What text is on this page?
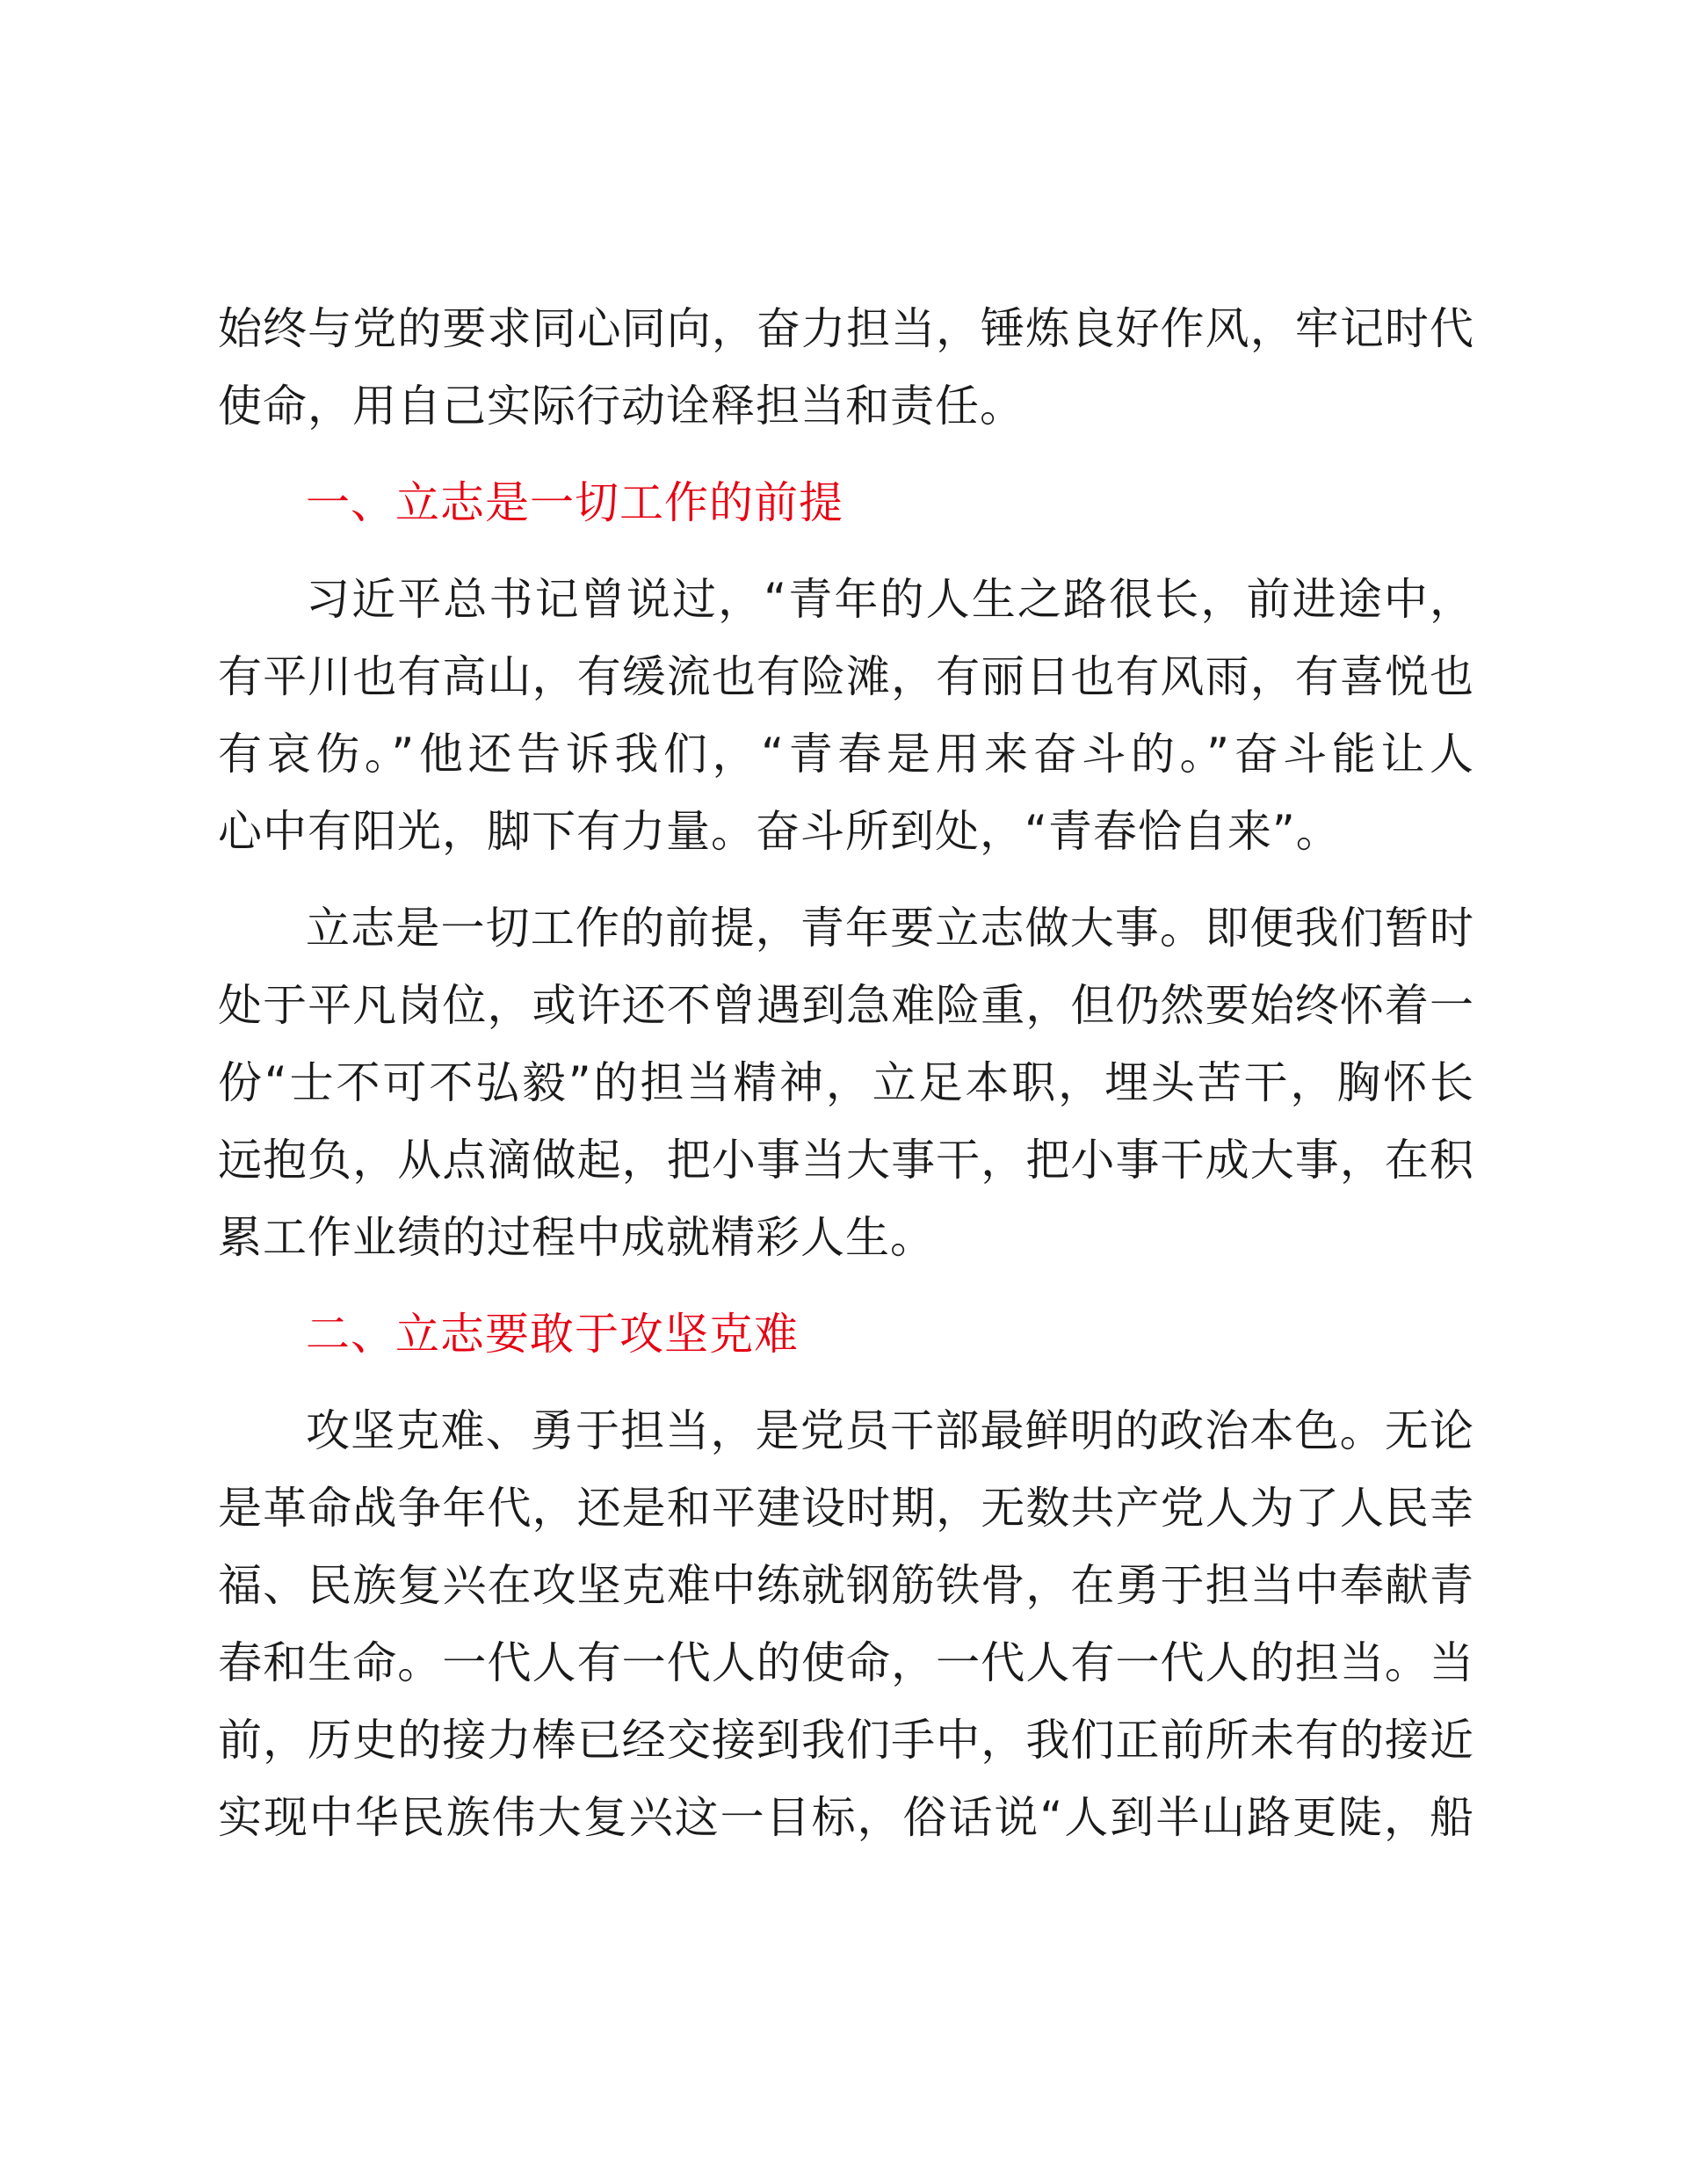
始终与党的要求同心同向，奋力担当，锤炼良好作风，牢记时代
使命，用自己实际行动诠释担当和责任。
一、立志是一切工作的前提
习近平总书记曾说过，“青年的人生之路很长，前进途中，
有平川也有高山，有缓流也有险滩，有丽日也有风雨，有喜悦也
有哀伤。”他还告诉我们，“青春是用来奋斗的。”奋斗能让人
心中有阳光，脚下有力量。奋斗所到处，“青春恰自来”。
立志是一切工作的前提，青年要立志做大事。即便我们暂时
处于平凡岗位，或许还不曾遇到急难险重，但仍然要始终怀着一
份“士不可不弘毅”的担当精神，立足本职，埋头苦干，胸怀长
远抱负，从点滴做起，把小事当大事干，把小事干成大事，在积
累工作业绩的过程中成就精彩人生。
二、立志要敢于攻坚克难
攻坚克难、勇于担当，是党员干部最鲜明的政治本色。无论
是革命战争年代，还是和平建设时期，无数共产党人为了人民幸
福、民族复兴在攻坚克难中练就钢筋铁骨，在勇于担当中奉献青
春和生命。一代人有一代人的使命，一代人有一代人的担当。当
前，历史的接力棒已经交接到我们手中，我们正前所未有的接近
实现中华民族伟大复兴这一目标，俗话说“人到半山路更陡，船
